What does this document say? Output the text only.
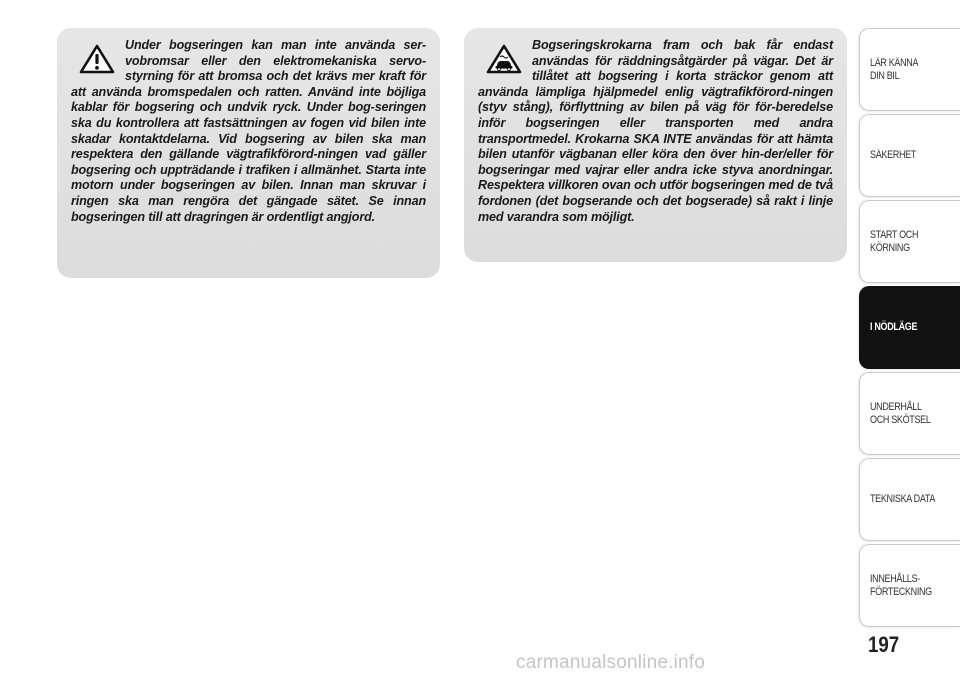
Under bogseringen kan man inte använda ser-vobromsar eller den elektromekaniska servo-styrning för att bromsa och det krävs mer kraft för att använda bromspedalen och ratten. Använd inte böjliga kablar för bogsering och undvik ryck. Under bog-seringen ska du kontrollera att fastsättningen av fogen vid bilen inte skadar kontaktdelarna. Vid bogsering av bilen ska man respektera den gällande vägtrafikförord-ningen vad gäller bogsering och uppträdande i trafiken i allmänhet. Starta inte motorn under bogseringen av bilen. Innan man skruvar i ringen ska man rengöra det gängade sätet. Se innan bogseringen till att dragringen är ordentligt angjord.

Bogseringskrokarna fram och bak får endast användas för räddningsåtgärder på vägar. Det är tillåtet att bogsering i korta sträckor genom att använda lämpliga hjälpmedel enlig vägtrafikförord-ningen (styv stång), förflyttning av bilen på väg för för-beredelse inför bogseringen eller transporten med andra transportmedel. Krokarna SKA INTE användas för att hämta bilen utanför vägbanan eller köra den över hin-der/eller för bogseringar med vajrar eller andra icke styva anordningar. Respektera villkoren ovan och utför bogseringen med de två fordonen (det bogserande och det bogserade) så rakt i linje med varandra som möjligt.

LÄR KÄNNA
DIN BIL
SÄKERHET
START OCH
KÖRNING
I NÖDLÄGE
UNDERHÅLL
OCH SKÖTSEL
TEKNISKA DATA
INNEHÅLLS-
FÖRTECKNING
197
carmanualsonline.info
